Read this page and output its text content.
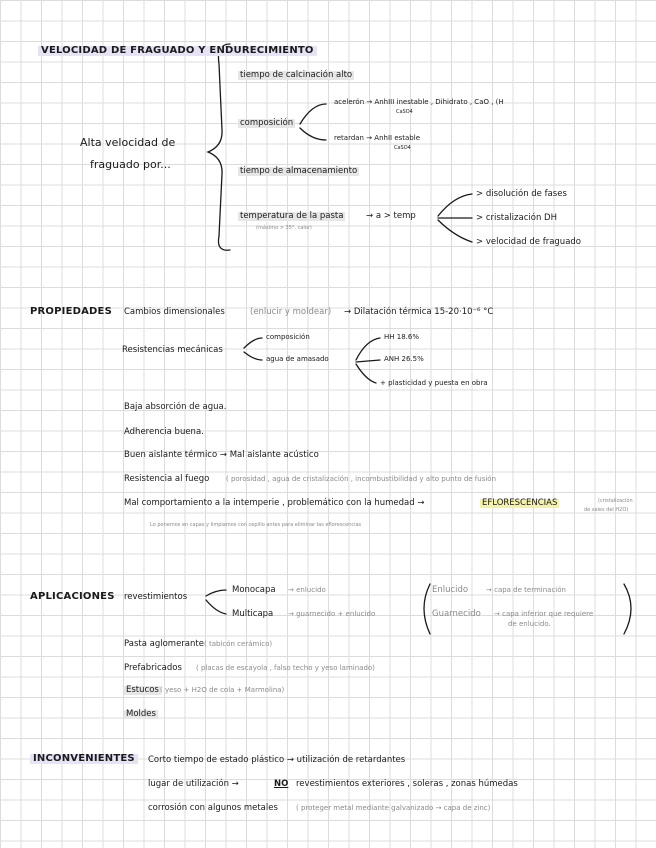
VELOCIDAD DE FRAGUADO Y ENDURECIMIENTO
Alta velocidad de
fraguado por...
tiempo de calcinación alto
composición
acelerón → AnhIII inestable , Dihidrato , CaO , (H
CaSO4
retardan → AnhII estable
CaSO4
tiempo de almacenamiento
temperatura de la pasta
(máximo > 35°, calor)
→ a > temp
> disolución de fases
> cristalización DH
> velocidad de fraguado
PROPIEDADES Cambios dimensionales	(enlucir y moldear) → Dilatación térmica 15-20·10⁻⁶ °C
Resistencias mecánicas
composición
agua de amasado
HH 18.6%
ANH 26.5%
+ plasticidad y puesta en obra
Baja absorción de agua.
Adherencia buena.
Buen aislante térmico → Mal aislante acústico
Resistencia al fuego ( porosidad , agua de cristalización , incombustibilidad y alto punto de fusión
Mal comportamiento a la intemperie , problemático con la humedad →	EFLORESCENCIAS	(cristalización
de sales del H2O)
Lo ponemos en capas y limpiamos con cepillo antes para eliminar las eflorescencias
APLICACIONES revestimientos
Monocapa → enlucido
Multicapa → guarnecido + enlucido
Enlucido	→ capa de terminación
Guarnecido → capa inferior que requiere
de enlucido.
Pasta aglomerante ( tabicón cerámico)
Prefabricados ( placas de escayola , falso techo y yeso laminado)
Estucos ( yeso + H2O de cola + Marmolina)
Moldes
INCONVENIENTES	Corto tiempo de estado plástico → utilización de retardantes
lugar de utilización →	NO revestimientos exteriores , soleras , zonas húmedas
corrosión con algunos metales	( proteger metal mediante galvanizado → capa de zinc)
